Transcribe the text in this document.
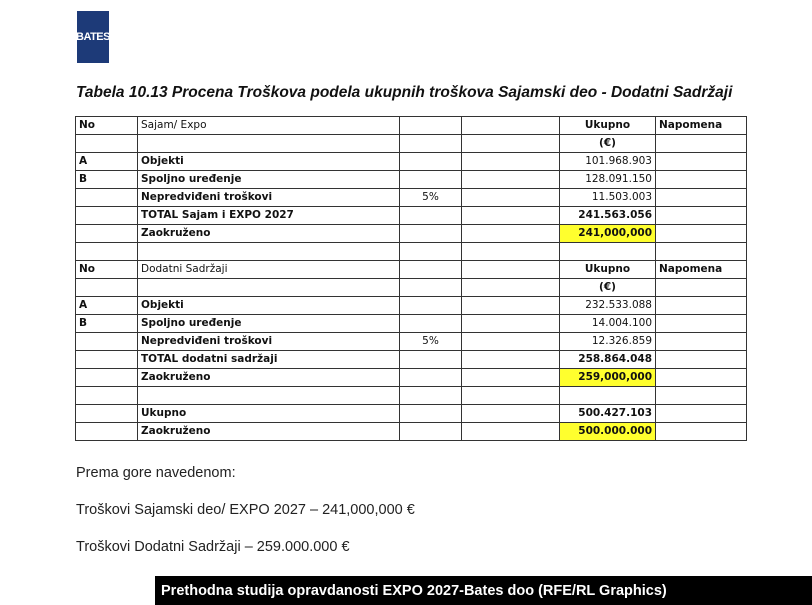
BATES
Tabela 10.13 Procena Troškova podela ukupnih troškova Sajamski deo - Dodatni Sadržaji
No	Sajam/ Expo			Ukupno	Napomena
				(€)	
A	Objekti			101.968.903	
B	Spoljno uređenje			128.091.150	
	Nepredviđeni troškovi	5%		11.503.003	
	TOTAL Sajam i EXPO 2027			241.563.056	
	Zaokruženo			241,000,000	

No	Dodatni Sadržaji			Ukupno	Napomena
				(€)	
A	Objekti			232.533.088	
B	Spoljno uređenje			14.004.100	
	Nepredviđeni troškovi	5%		12.326.859	
	TOTAL dodatni sadržaji			258.864.048	
	Zaokruženo			259,000,000	

	Ukupno			500.427.103	
	Zaokruženo			500.000.000	
Prema gore navedenom:
Troškovi Sajamski deo/ EXPO 2027 – 241,000,000 €
Troškovi Dodatni Sadržaji – 259.000.000 €
Prethodna studija opravdanosti EXPO 2027-Bates doo (RFE/RL Graphics)
